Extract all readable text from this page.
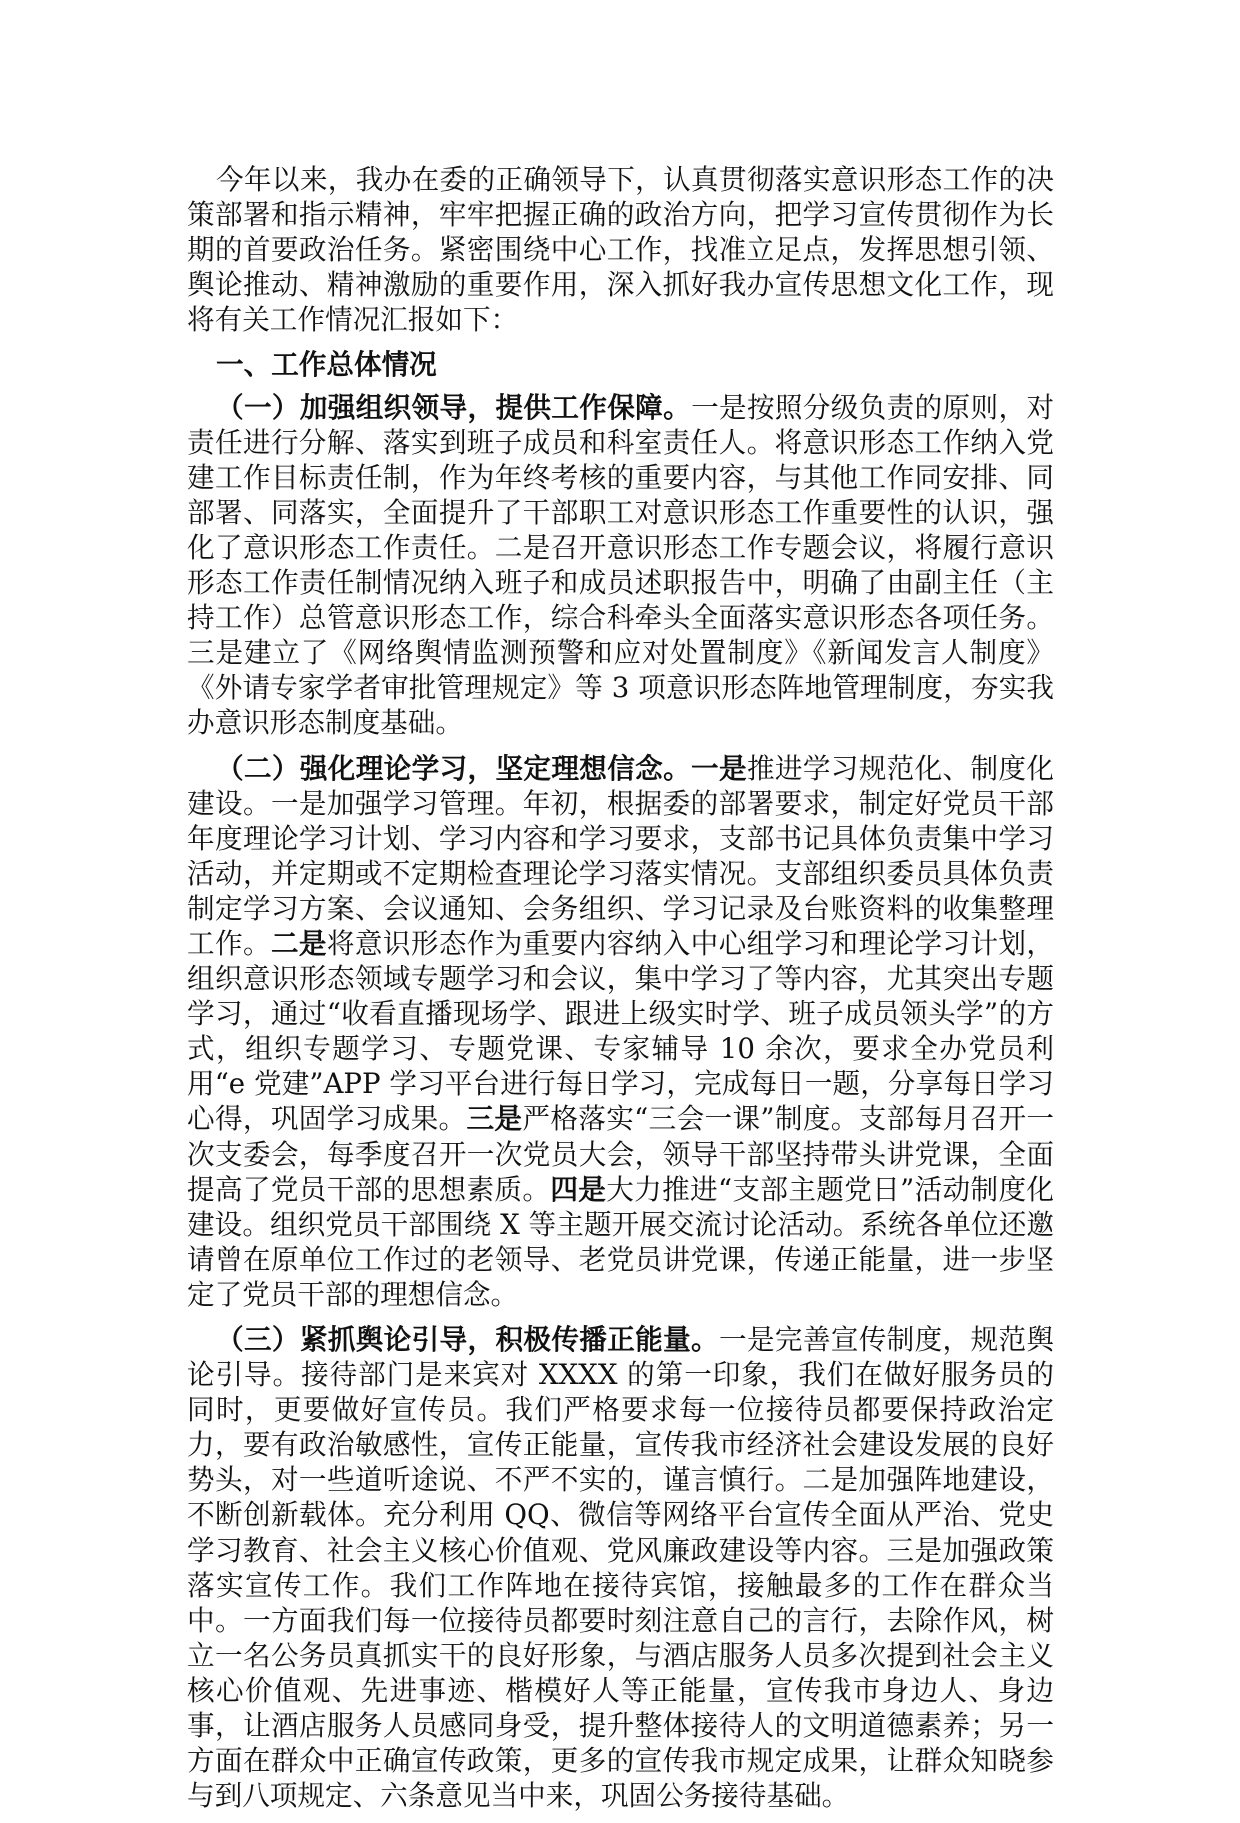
今年以来，我办在委的正确领导下，认真贯彻落实意识形态工作的决策部署和指示精神，牢牢把握正确的政治方向，把学习宣传贯彻作为长期的首要政治任务。紧密围绕中心工作，找准立足点，发挥思想引领、舆论推动、精神激励的重要作用，深入抓好我办宣传思想文化工作，现将有关工作情况汇报如下：

一、工作总体情况

（一）加强组织领导，提供工作保障。一是按照分级负责的原则，对责任进行分解、落实到班子成员和科室责任人。将意识形态工作纳入党建工作目标责任制，作为年终考核的重要内容，与其他工作同安排、同部署、同落实，全面提升了干部职工对意识形态工作重要性的认识，强化了意识形态工作责任。二是召开意识形态工作专题会议，将履行意识形态工作责任制情况纳入班子和成员述职报告中，明确了由副主任（主持工作）总管意识形态工作，综合科牵头全面落实意识形态各项任务。三是建立了《网络舆情监测预警和应对处置制度》《新闻发言人制度》《外请专家学者审批管理规定》等 3 项意识形态阵地管理制度，夯实我办意识形态制度基础。

（二）强化理论学习，坚定理想信念。一是推进学习规范化、制度化建设。一是加强学习管理。年初，根据委的部署要求，制定好党员干部年度理论学习计划、学习内容和学习要求，支部书记具体负责集中学习活动，并定期或不定期检查理论学习落实情况。支部组织委员具体负责制定学习方案、会议通知、会务组织、学习记录及台账资料的收集整理工作。二是将意识形态作为重要内容纳入中心组学习和理论学习计划，组织意识形态领域专题学习和会议，集中学习了等内容，尤其突出专题学习，通过“收看直播现场学、跟进上级实时学、班子成员领头学”的方式，组织专题学习、专题党课、专家辅导 10 余次，要求全办党员利用“e 党建”APP 学习平台进行每日学习，完成每日一题，分享每日学习心得，巩固学习成果。三是严格落实“三会一课”制度。支部每月召开一次支委会，每季度召开一次党员大会，领导干部坚持带头讲党课，全面提高了党员干部的思想素质。四是大力推进“支部主题党日”活动制度化建设。组织党员干部围绕 X 等主题开展交流讨论活动。系统各单位还邀请曾在原单位工作过的老领导、老党员讲党课，传递正能量，进一步坚定了党员干部的理想信念。

（三）紧抓舆论引导，积极传播正能量。一是完善宣传制度，规范舆论引导。接待部门是来宾对 XXXX 的第一印象，我们在做好服务员的同时，更要做好宣传员。我们严格要求每一位接待员都要保持政治定力，要有政治敏感性，宣传正能量，宣传我市经济社会建设发展的良好势头，对一些道听途说、不严不实的，谨言慎行。二是加强阵地建设，不断创新载体。充分利用 QQ、微信等网络平台宣传全面从严治、党史学习教育、社会主义核心价值观、党风廉政建设等内容。三是加强政策落实宣传工作。我们工作阵地在接待宾馆，接触最多的工作在群众当中。一方面我们每一位接待员都要时刻注意自己的言行，去除作风，树立一名公务员真抓实干的良好形象，与酒店服务人员多次提到社会主义核心价值观、先进事迹、楷模好人等正能量，宣传我市身边人、身边事，让酒店服务人员感同身受，提升整体接待人的文明道德素养；另一方面在群众中正确宣传政策，更多的宣传我市规定成果，让群众知晓参与到八项规定、六条意见当中来，巩固公务接待基础。
